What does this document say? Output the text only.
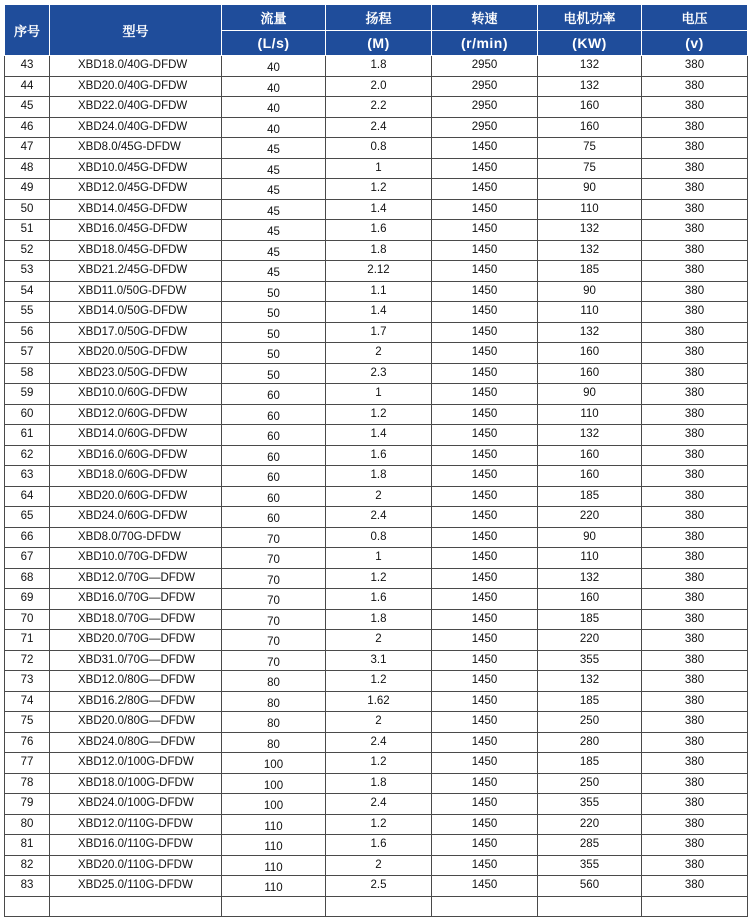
序号	型号	流量	扬程	转速	电机功率	电压
		(L/s)	(M)	(r/min)	(KW)	(v)
43	XBD18.0/40G-DFDW	40	1.8	2950	132	380
44	XBD20.0/40G-DFDW	40	2.0	2950	132	380
45	XBD22.0/40G-DFDW	40	2.2	2950	160	380
46	XBD24.0/40G-DFDW	40	2.4	2950	160	380
47	XBD8.0/45G-DFDW	45	0.8	1450	75	380
48	XBD10.0/45G-DFDW	45	1	1450	75	380
49	XBD12.0/45G-DFDW	45	1.2	1450	90	380
50	XBD14.0/45G-DFDW	45	1.4	1450	110	380
51	XBD16.0/45G-DFDW	45	1.6	1450	132	380
52	XBD18.0/45G-DFDW	45	1.8	1450	132	380
53	XBD21.2/45G-DFDW	45	2.12	1450	185	380
54	XBD11.0/50G-DFDW	50	1.1	1450	90	380
55	XBD14.0/50G-DFDW	50	1.4	1450	110	380
56	XBD17.0/50G-DFDW	50	1.7	1450	132	380
57	XBD20.0/50G-DFDW	50	2	1450	160	380
58	XBD23.0/50G-DFDW	50	2.3	1450	160	380
59	XBD10.0/60G-DFDW	60	1	1450	90	380
60	XBD12.0/60G-DFDW	60	1.2	1450	110	380
61	XBD14.0/60G-DFDW	60	1.4	1450	132	380
62	XBD16.0/60G-DFDW	60	1.6	1450	160	380
63	XBD18.0/60G-DFDW	60	1.8	1450	160	380
64	XBD20.0/60G-DFDW	60	2	1450	185	380
65	XBD24.0/60G-DFDW	60	2.4	1450	220	380
66	XBD8.0/70G-DFDW	70	0.8	1450	90	380
67	XBD10.0/70G-DFDW	70	1	1450	110	380
68	XBD12.0/70G—DFDW	70	1.2	1450	132	380
69	XBD16.0/70G—DFDW	70	1.6	1450	160	380
70	XBD18.0/70G—DFDW	70	1.8	1450	185	380
71	XBD20.0/70G—DFDW	70	2	1450	220	380
72	XBD31.0/70G—DFDW	70	3.1	1450	355	380
73	XBD12.0/80G—DFDW	80	1.2	1450	132	380
74	XBD16.2/80G—DFDW	80	1.62	1450	185	380
75	XBD20.0/80G—DFDW	80	2	1450	250	380
76	XBD24.0/80G—DFDW	80	2.4	1450	280	380
77	XBD12.0/100G-DFDW	100	1.2	1450	185	380
78	XBD18.0/100G-DFDW	100	1.8	1450	250	380
79	XBD24.0/100G-DFDW	100	2.4	1450	355	380
80	XBD12.0/110G-DFDW	110	1.2	1450	220	380
81	XBD16.0/110G-DFDW	110	1.6	1450	285	380
82	XBD20.0/110G-DFDW	110	2	1450	355	380
83	XBD25.0/110G-DFDW	110	2.5	1450	560	380
